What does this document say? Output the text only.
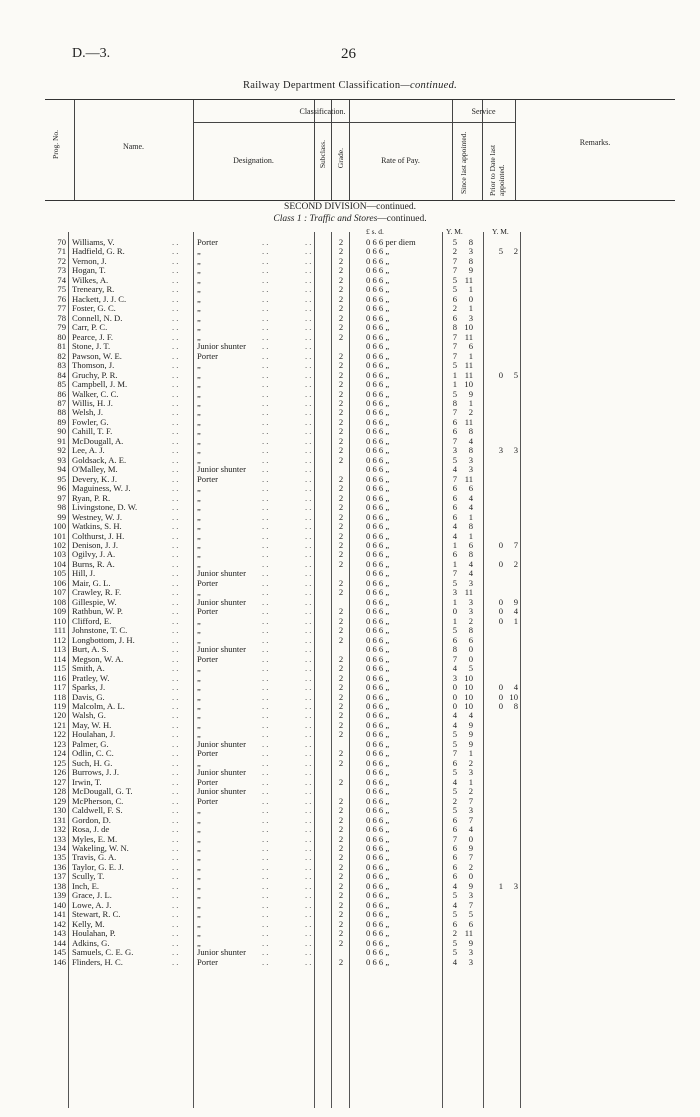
D.—3.	26
Railway Department Classification—continued.
Prog. No.	Name.
Classification.
Designation.	Subclass. Grade.	Rate of Pay.
Service
Since last appointed.	Prior to Date last appointed.
Remarks.
SECOND DIVISION—continued.
Class 1 : Traffic and Stores—continued.
£ s. d.	Y. M.	Y. M.
. .	. .	. .
70 Williams, V.	Porter	2	0 6 6 per diem	5	8
. .	. .	. .
71 Hadfield, G. R.	„	2	0 6 6 „	2	3	5	2
. .	. .	. .
72 Vernon, J.	„	2	0 6 6 „	7	8
. .	. .	. .
73 Hogan, T.	„	2	0 6 6 „	7	9
. .	. .	. .
74 Wilkes, A.	„	2	0 6 6 „	5 11
. .	. .	. .
75 Treneary, R.	„	2	0 6 6 „	5	1
. .	. .	. .
76 Hackett, J. J. C.	„	2	0 6 6 „	6	0
. .	. .	. .
77 Foster, G. C.	„	2	0 6 6 „	2	1
. .	. .	. .
78 Connell, N. D.	„	2	0 6 6 „	6	3
. .	. .	. .
79 Carr, P. C.	„	2	0 6 6 „	8 10
. .	. .	. .
80 Pearce, J. F.	„	2	0 6 6 „	7 11
. .	. .	. .
81 Stone, J. T.	Junior shunter	0 6 6 „	7	6
. .	. .	. .
82 Pawson, W. E.	Porter	2	0 6 6 „	7	1
. .	. .	. .
83 Thomson, J.	„	2	0 6 6 „	5 11
. .	. .	. .
84 Gruchy, P. R.	„	2	0 6 6 „	1 11	0	5
. .	. .	. .
85 Campbell, J. M.	„	2	0 6 6 „	1 10
. .	. .	. .
86 Walker, C. C.	„	2	0 6 6 „	5	9
. .	. .	. .
87 Willis, H. J.	„	2	0 6 6 „	8	1
. .	. .	. .
88 Welsh, J.	„	2	0 6 6 „	7	2
. .	. .	. .
89 Fowler, G.	„	2	0 6 6 „	6 11
. .	. .	. .
90 Cahill, T. F.	„	2	0 6 6 „	6	8
. .	. .	. .
91 McDougall, A.	„	2	0 6 6 „	7	4
. .	. .	. .
92 Lee, A. J.	„	2	0 6 6 „	3	8	3	3
. .	. .	. .
93 Goldsack, A. E.	„	2	0 6 6 „	5	3
. .	. .	. .
94 O'Malley, M.	Junior shunter	0 6 6 „	4	3
. .	. .	. .
95 Devery, K. J.	Porter	2	0 6 6 „	7 11
. .	. .	. .
96 Maguiness, W. J.	„	2	0 6 6 „	6	6
. .	. .	. .
97 Ryan, P. R.	„	2	0 6 6 „	6	4
. .	. .	. .
98 Livingstone, D. W.	„	2	0 6 6 „	6	4
. .	. .	. .
99 Westney, W. J.	„	2	0 6 6 „	6	1
. .	. .	. .
100 Watkins, S. H.	„	2	0 6 6 „	4	8
. .	. .	. .
101 Colthurst, J. H.	„	2	0 6 6 „	4	1
. .	. .	. .
102 Denison, J. J.	„	2	0 6 6 „	1	6	0	7
. .	. .	. .
103 Ogilvy, J. A.	„	2	0 6 6 „	6	8
. .	. .	. .
104 Burns, R. A.	„	2	0 6 6 „	1	4	0	2
. .	. .	. .
105 Hill, J.	Junior shunter	0 6 6 „	7	4
. .	. .	. .
106 Mair, G. L.	Porter	2	0 6 6 „	5	3
. .	. .	. .
107 Crawley, R. F.	„	2	0 6 6 „	3 11
. .	. .	. .
108 Gillespie, W.	Junior shunter	0 6 6 „	1	3	0	9
. .	. .	. .
109 Rathbun, W. P.	Porter	2	0 6 6 „	0	3	0	4
. .	. .	. .
110 Clifford, E.	„	2	0 6 6 „	1	2	0	1
. .	. .	. .
111 Johnstone, T. C.	„	2	0 6 6 „	5	8
. .	. .	. .
112 Longbottom, J. H.	„	2	0 6 6 „	6	6
. .	. .	. .
113 Burt, A. S.	Junior shunter	0 6 6 „	8	0
. .	. .	. .
114 Megson, W. A.	Porter	2	0 6 6 „	7	0
. .	. .	. .
115 Smith, A.	„	2	0 6 6 „	4	5
. .	. .	. .
116 Pratley, W.	„	2	0 6 6 „	3 10
. .	. .	. .
117 Sparks, J.	„	2	0 6 6 „	0 10	0	4
. .	. .	. .
118 Davis, G.	„	2	0 6 6 „	0 10	0 10
. .	. .	. .
119 Malcolm, A. L.	„	2	0 6 6 „	0 10	0	8
. .	. .	. .
120 Walsh, G.	„	2	0 6 6 „	4	4
. .	. .	. .
121 May, W. H.	„	2	0 6 6 „	4	9
. .	. .	. .
122 Houlahan, J.	„	2	0 6 6 „	5	9
. .	. .	. .
123 Palmer, G.	Junior shunter	0 6 6 „	5	9
. .	. .	. .
124 Odlin, C. C.	Porter	2	0 6 6 „	7	1
. .	. .	. .
125 Such, H. G.	„	2	0 6 6 „	6	2
. .	. .	. .
126 Burrows, J. J.	Junior shunter	0 6 6 „	5	3
. .	. .	. .
127 Irwin, T.	Porter	2	0 6 6 „	4	1
. .	. .	. .
128 McDougall, G. T.	Junior shunter	0 6 6 „	5	2
. .	. .	. .
129 McPherson, C.	Porter	2	0 6 6 „	2	7
. .	. .	. .
130 Caldwell, F. S.	„	2	0 6 6 „	5	3
. .	. .	. .
131 Gordon, D.	„	2	0 6 6 „	6	7
. .	. .	. .
132 Rosa, J. de	„	2	0 6 6 „	6	4
. .	. .	. .
133 Myles, E. M.	„	2	0 6 6 „	7	0
. .	. .	. .
134 Wakeling, W. N.	„	2	0 6 6 „	6	9
. .	. .	. .
135 Travis, G. A.	„	2	0 6 6 „	6	7
. .	. .	. .
136 Taylor, G. E. J.	„	2	0 6 6 „	6	2
. .	. .	. .
137 Scully, T.	„	2	0 6 6 „	6	0
. .	. .	. .
138 Inch, E.	„	2	0 6 6 „	4	9	1	3
. .	. .	. .
139 Grace, J. L.	„	2	0 6 6 „	5	3
. .	. .	. .
140 Lowe, A. J.	„	2	0 6 6 „	4	7
. .	. .	. .
141 Stewart, R. C.	„	2	0 6 6 „	5	5
. .	. .	. .
142 Kelly, M.	„	2	0 6 6 „	6	6
. .	. .	. .
143 Houlahan, P.	„	2	0 6 6 „	2 11
. .	. .	. .
144 Adkins, G.	„	2	0 6 6 „	5	9
. .	. .	. .
145 Samuels, C. E. G.	Junior shunter	0 6 6 „	5	3
. .	. .	. .
146 Flinders, H. C.	Porter	2	0 6 6 „	4	3
